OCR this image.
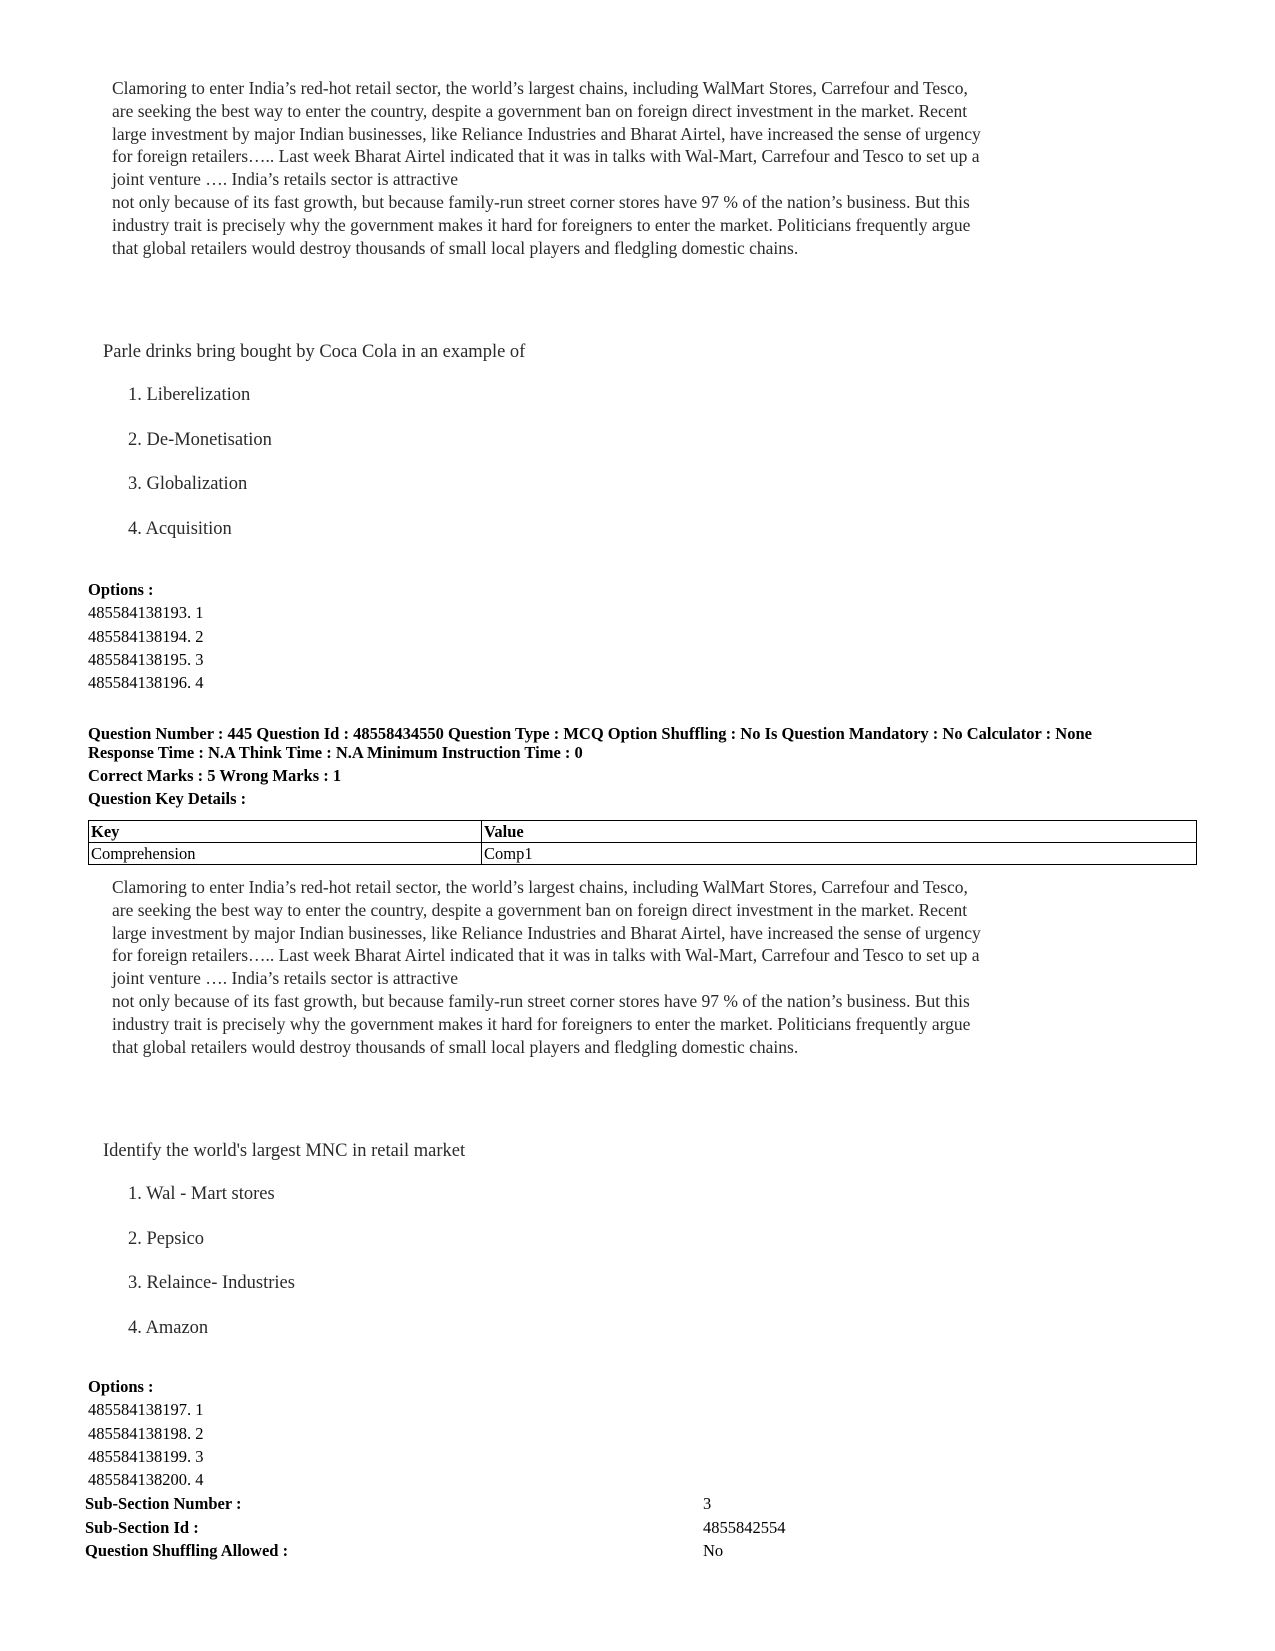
Clamoring to enter India’s red-hot retail sector, the world’s largest chains, including WalMart Stores, Carrefour and Tesco, are seeking the best way to enter the country, despite a government ban on foreign direct investment in the market. Recent large investment by major Indian businesses, like Reliance Industries and Bharat Airtel, have increased the sense of urgency for foreign retailers….. Last week Bharat Airtel indicated that it was in talks with Wal-Mart, Carrefour and Tesco to set up a joint venture …. India’s retails sector is attractive

not only because of its fast growth, but because family-run street corner stores have 97 % of the nation’s business. But this industry trait is precisely why the government makes it hard for foreigners to enter the market. Politicians frequently argue that global retailers would destroy thousands of small local players and fledgling domestic chains.

Parle drinks bring bought by Coca Cola in an example of
1. Liberelization
2. De-Monetisation
3. Globalization
4. Acquisition
Options :
485584138193. 1
485584138194. 2
485584138195. 3
485584138196. 4
Question Number : 445 Question Id : 48558434550 Question Type : MCQ Option Shuffling : No Is Question Mandatory : No Calculator : None
Response Time : N.A Think Time : N.A Minimum Instruction Time : 0
Correct Marks : 5 Wrong Marks : 1
Question Key Details :
Key	Value
Comprehension	Comp1

Clamoring to enter India’s red-hot retail sector, the world’s largest chains, including WalMart Stores, Carrefour and Tesco, are seeking the best way to enter the country, despite a government ban on foreign direct investment in the market. Recent large investment by major Indian businesses, like Reliance Industries and Bharat Airtel, have increased the sense of urgency for foreign retailers….. Last week Bharat Airtel indicated that it was in talks with Wal-Mart, Carrefour and Tesco to set up a joint venture …. India’s retails sector is attractive

not only because of its fast growth, but because family-run street corner stores have 97 % of the nation’s business. But this industry trait is precisely why the government makes it hard for foreigners to enter the market. Politicians frequently argue that global retailers would destroy thousands of small local players and fledgling domestic chains.

Identify the world's largest MNC in retail market
1. Wal - Mart stores
2. Pepsico
3. Relaince- Industries
4. Amazon
Options :
485584138197. 1
485584138198. 2
485584138199. 3
485584138200. 4
Sub-Section Number :	3
Sub-Section Id :	4855842554
Question Shuffling Allowed :	No
